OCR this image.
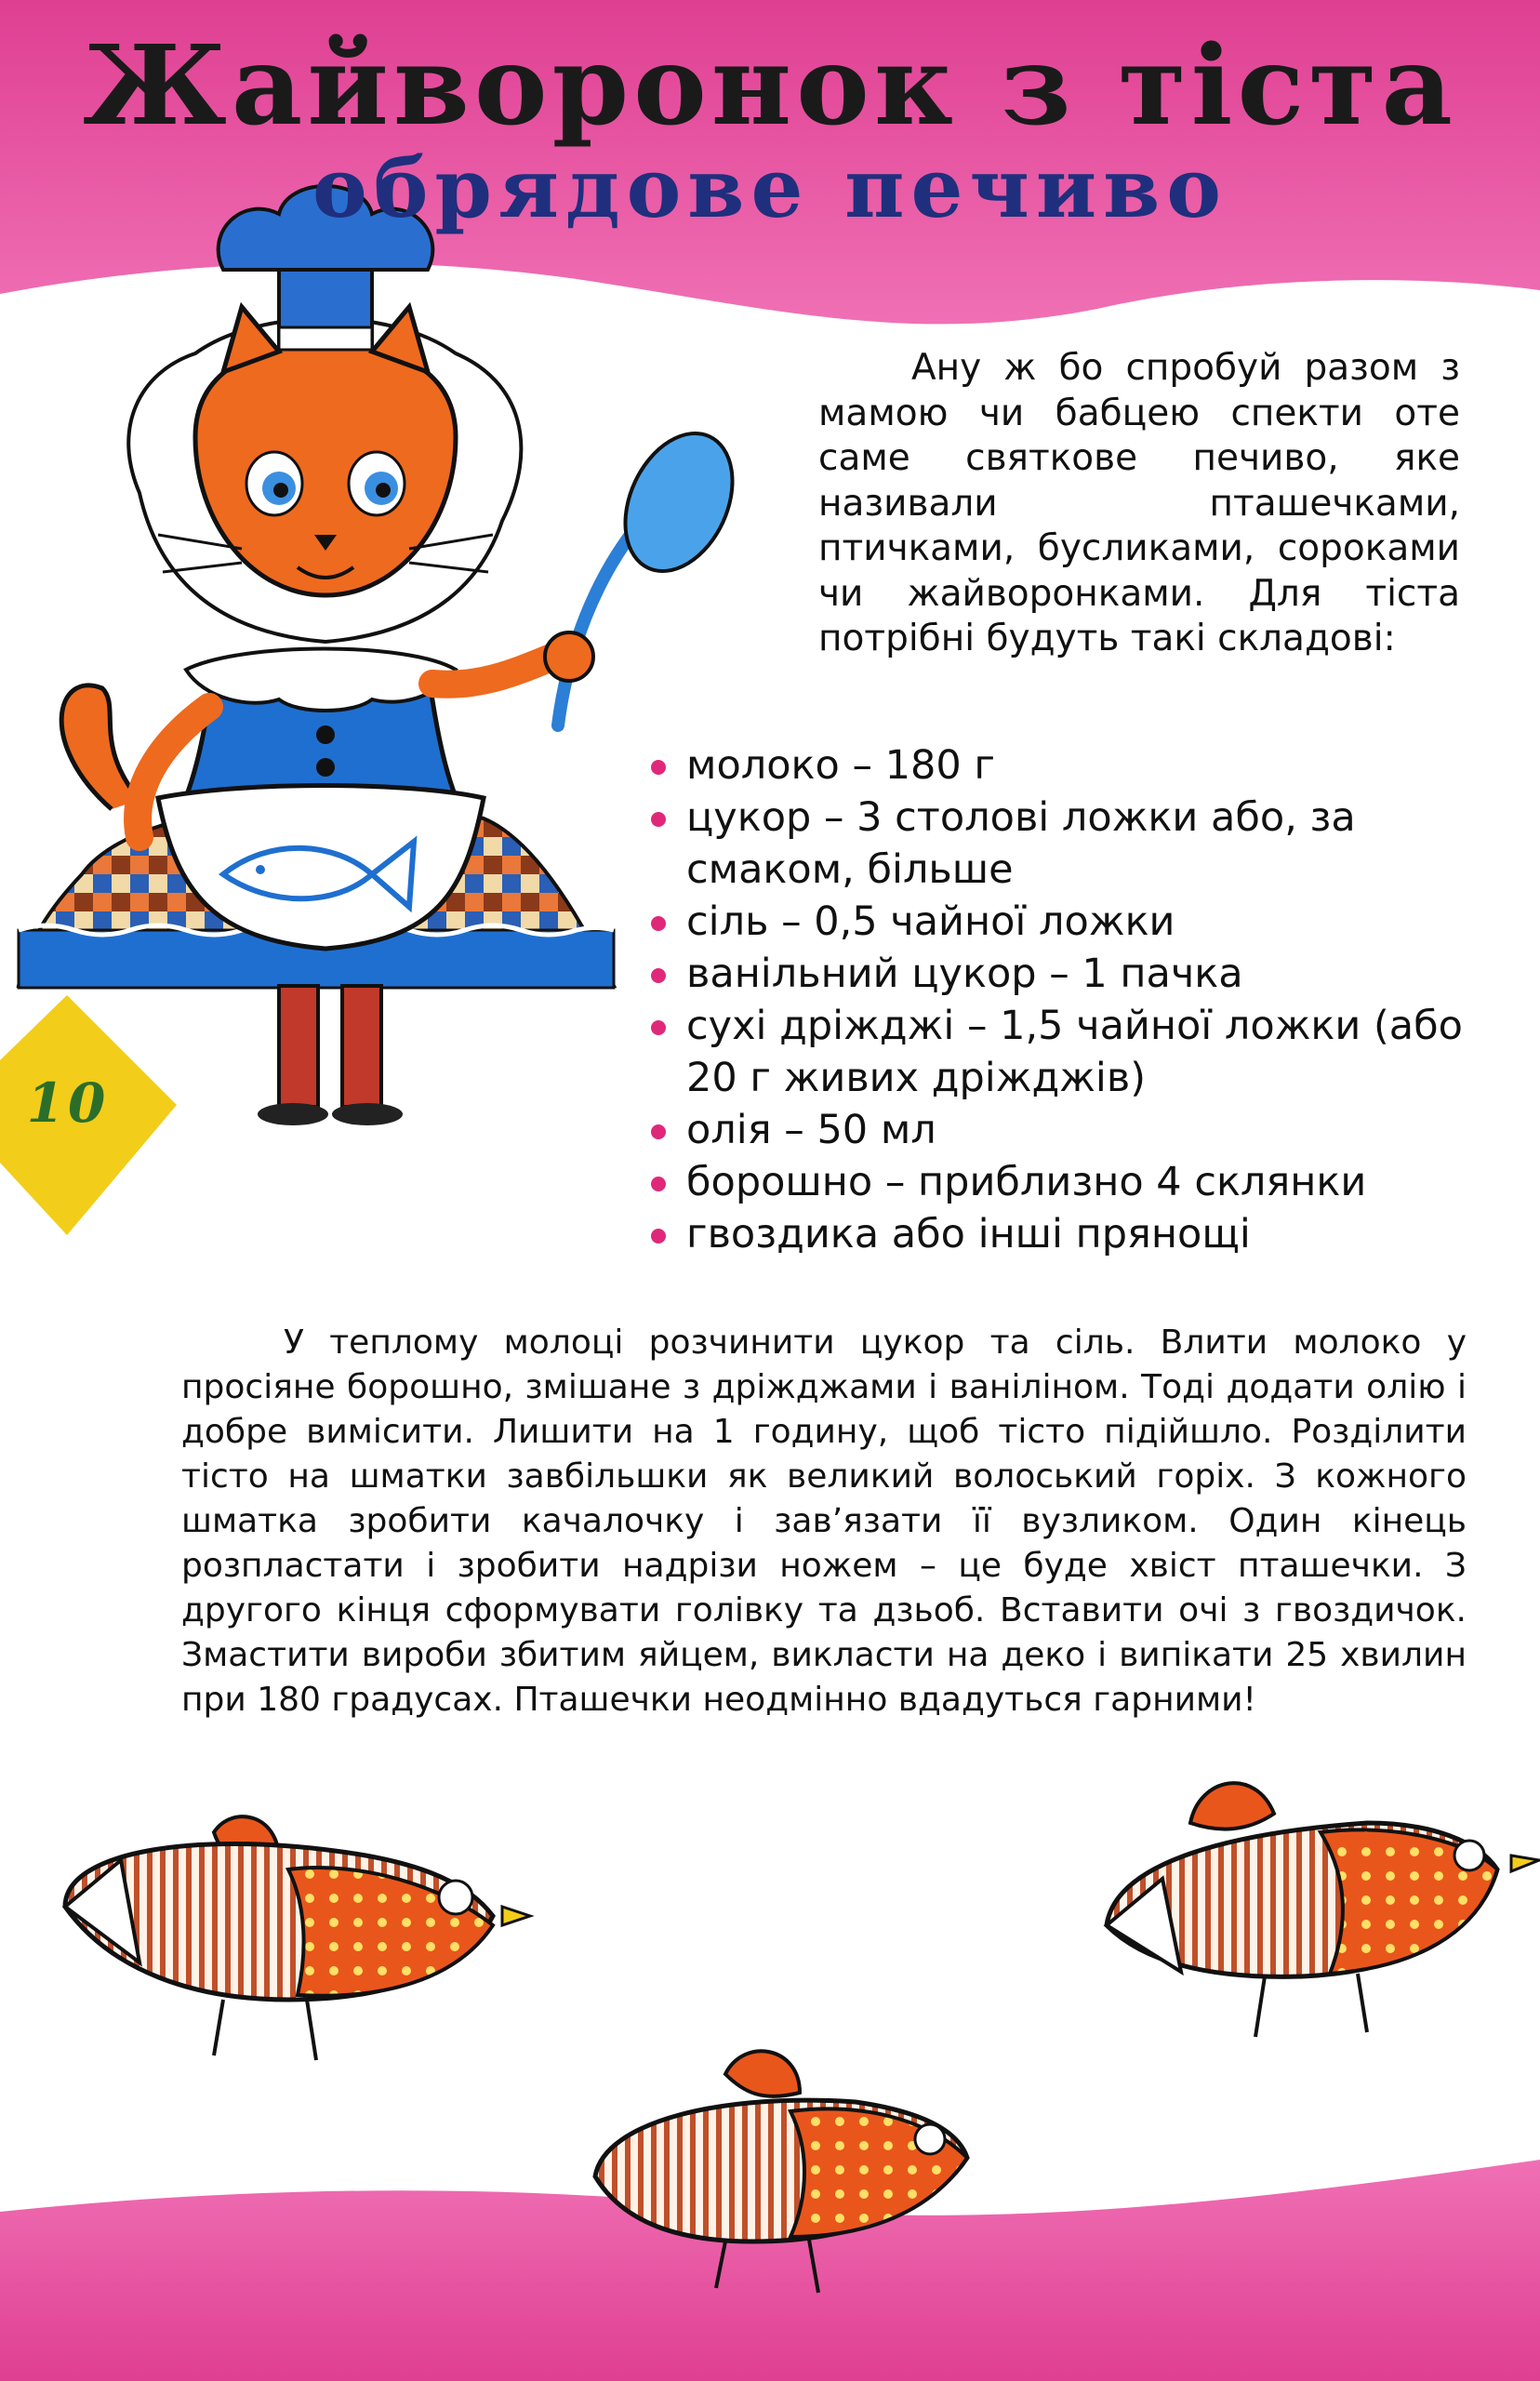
Жайворонок з тіста
обрядове печиво

Ану ж бо спробуй разом з мамою чи бабцею спекти оте саме святкове печиво, яке називали пташечками, птичками, бусликами, сороками чи жайворонками. Для тіста потрібні будуть такі складові:

молоко – 180 г
цукор – 3 столові ложки або, за смаком, більше
сіль – 0,5 чайної ложки
ванільний цукор – 1 пачка
сухі дріжджі – 1,5 чайної ложки (або 20 г живих дріжджів)
олія – 50 мл
борошно – приблизно 4 склянки
гвоздика або інші прянощі

У теплому молоці розчинити цукор та сіль. Влити молоко у просіяне борошно, змішане з дріжджами і ваніліном. Тоді додати олію і добре вимісити. Лишити на 1 годину, щоб тісто підійшло. Розділити тісто на шматки завбільшки як великий волоський горіх. З кожного шматка зробити качалочку і зав’язати її вузликом. Один кінець розпластати і зробити надрізи ножем – це буде хвіст пташечки. З другого кінця сформувати голівку та дзьоб. Вставити очі з гвоздичок. Змастити вироби збитим яйцем, викласти на деко і випікати 25 хвилин при 180 градусах. Пташечки неодмінно вдадуться гарними!

10
